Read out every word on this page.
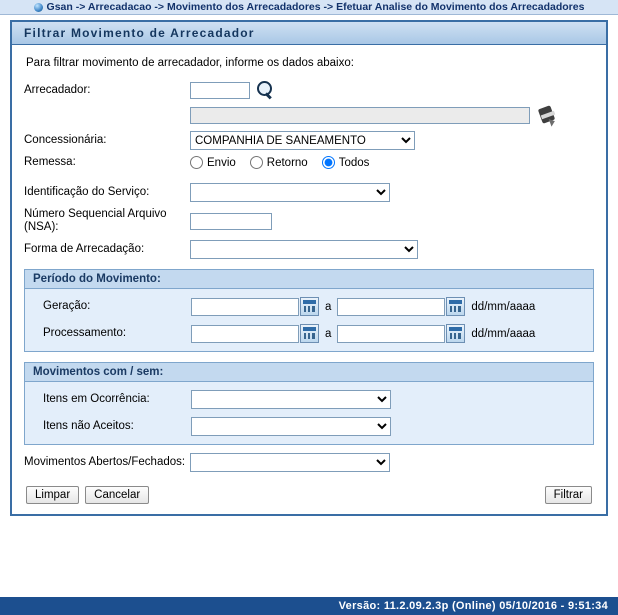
Gsan -> Arrecadacao -> Movimento dos Arrecadadores -> Efetuar Analise do Movimento dos Arrecadadores
Filtrar Movimento de Arrecadador
Para filtrar movimento de arrecadador, informe os dados abaixo:
Arrecadador:
Concessionária:
COMPANHIA DE SANEAMENTO
Remessa:	Envio	Retorno	Todos
Identificação do Serviço:
Número Sequencial Arquivo (NSA):
Forma de Arrecadação:
Período do Movimento:
Geração:	a	dd/mm/aaaa
Processamento:	a	dd/mm/aaaa
Movimentos com / sem:
Itens em Ocorrência:
Itens não Aceitos:
Movimentos Abertos/Fechados:
Limpar	Cancelar	Filtrar
Versão: 11.2.09.2.3p (Online) 05/10/2016 - 9:51:34
